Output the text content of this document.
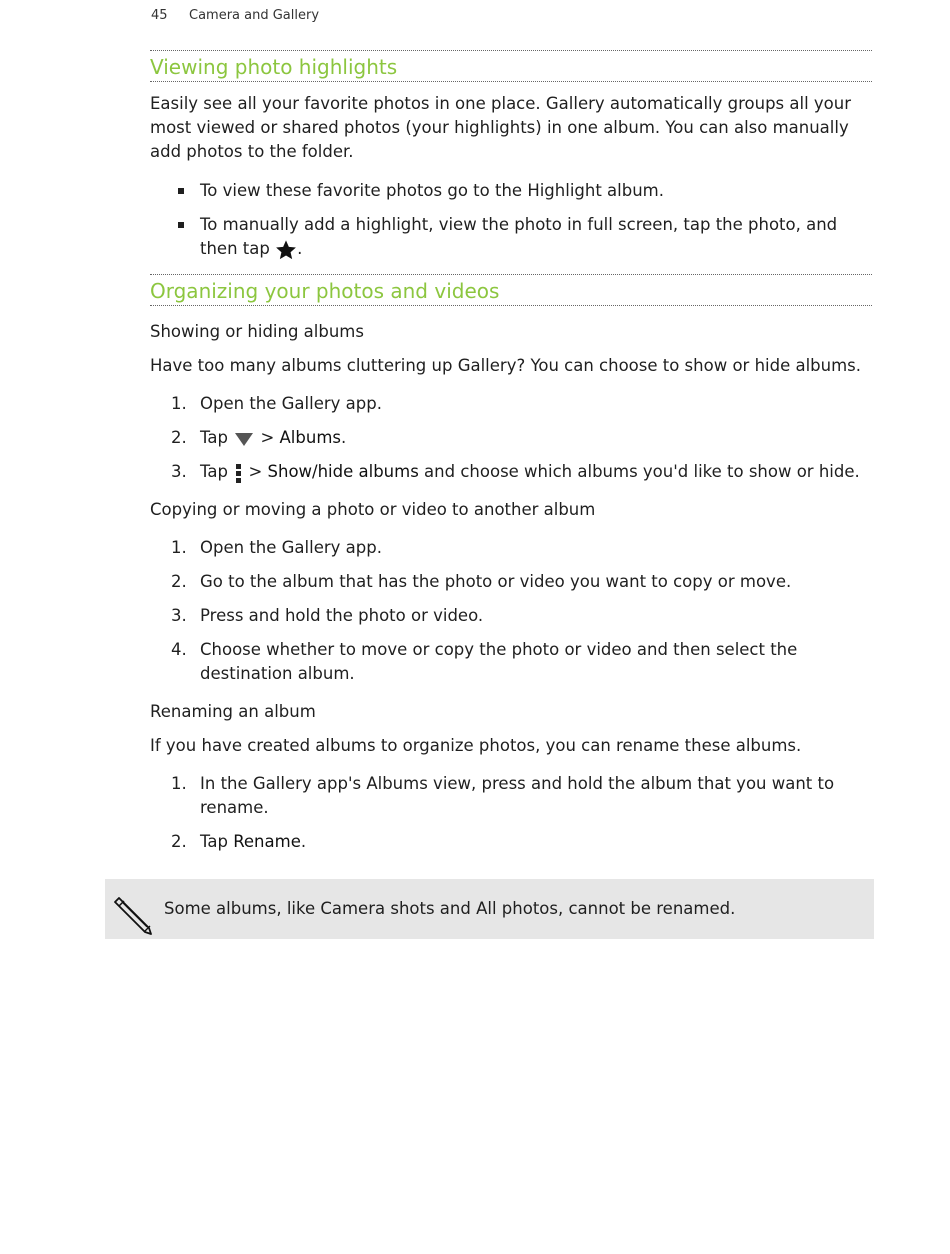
45 Camera and Gallery
Viewing photo highlights

Easily see all your favorite photos in one place. Gallery automatically groups all your most viewed or shared photos (your highlights) in one album. You can also manually add photos to the folder.

To view these favorite photos go to the Highlight album.
To manually add a highlight, view the photo in full screen, tap the photo, and then tap .
Organizing your photos and videos
Showing or hiding albums

Have too many albums cluttering up Gallery? You can choose to show or hide albums.

1. Open the Gallery app.
2. Tap > Albums.
3. Tap > Show/hide albums and choose which albums you'd like to show or hide.
Copying or moving a photo or video to another album
1. Open the Gallery app.
2. Go to the album that has the photo or video you want to copy or move.
3. Press and hold the photo or video.
4. Choose whether to move or copy the photo or video and then select the destination album.
Renaming an album

If you have created albums to organize photos, you can rename these albums.

1. In the Gallery app's Albums view, press and hold the album that you want to rename.
2. Tap Rename.
Some albums, like Camera shots and All photos, cannot be renamed.
